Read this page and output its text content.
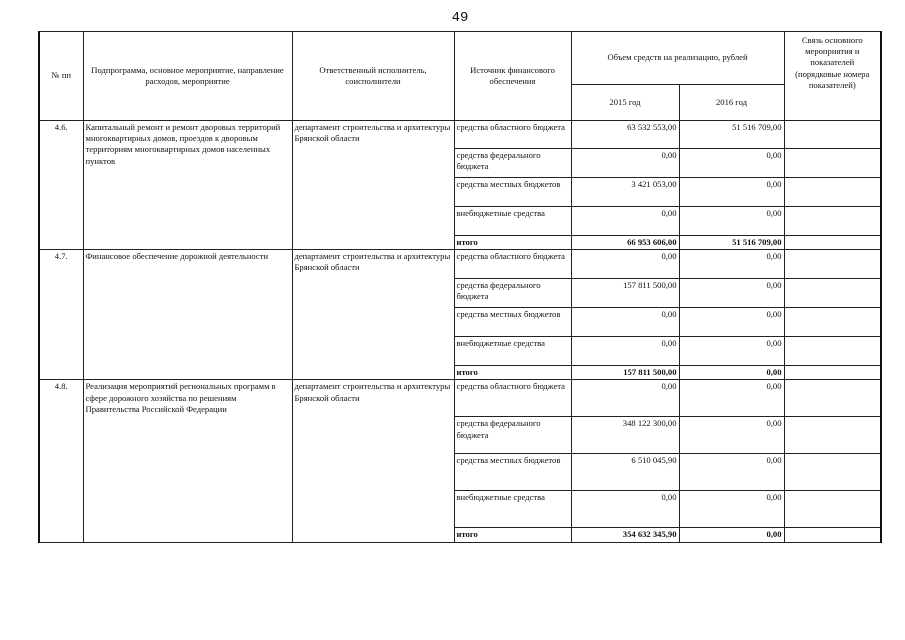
49
№ пп	Подпрограмма, основное мероприятие, направление расходов, мероприятие	Ответственный исполнитель, соисполнители	Источник финансового обеспечения	Объем средств на реализацию, рублей		Связь основного мероприятия и показателей (порядковые номера показателей)
				2015 год	2016 год	
4.6.	Капитальный ремонт и ремонт дворовых территорий многоквартирных домов, проездов к дворовым территориям многоквартирных домов населенных пунктов	департамент строительства и архитектуры Брянской области	средства областного бюджета	63 532 553,00	51 516 709,00	
			средства федерального бюджета	0,00	0,00	
			средства местных бюджетов	3 421 053,00	0,00	
			внебюджетные средства	0,00	0,00	
			итого	66 953 606,00	51 516 709,00	
4.7.	Финансовое обеспечение дорожной деятельности	департамент строительства и архитектуры Брянской области	средства областного бюджета	0,00	0,00	
			средства федерального бюджета	157 811 500,00	0,00	
			средства местных бюджетов	0,00	0,00	
			внебюджетные средства	0,00	0,00	
			итого	157 811 500,00	0,00	
4.8.	Реализация мероприятий региональных программ в сфере дорожного хозяйства по решениям Правительства Российской Федерации	департамент строительства и архитектуры Брянской области	средства областного бюджета	0,00	0,00	
			средства федерального бюджета	348 122 300,00	0,00	
			средства местных бюджетов	6 510 045,90	0,00	
			внебюджетные средства	0,00	0,00	
			итого	354 632 345,90	0,00	
